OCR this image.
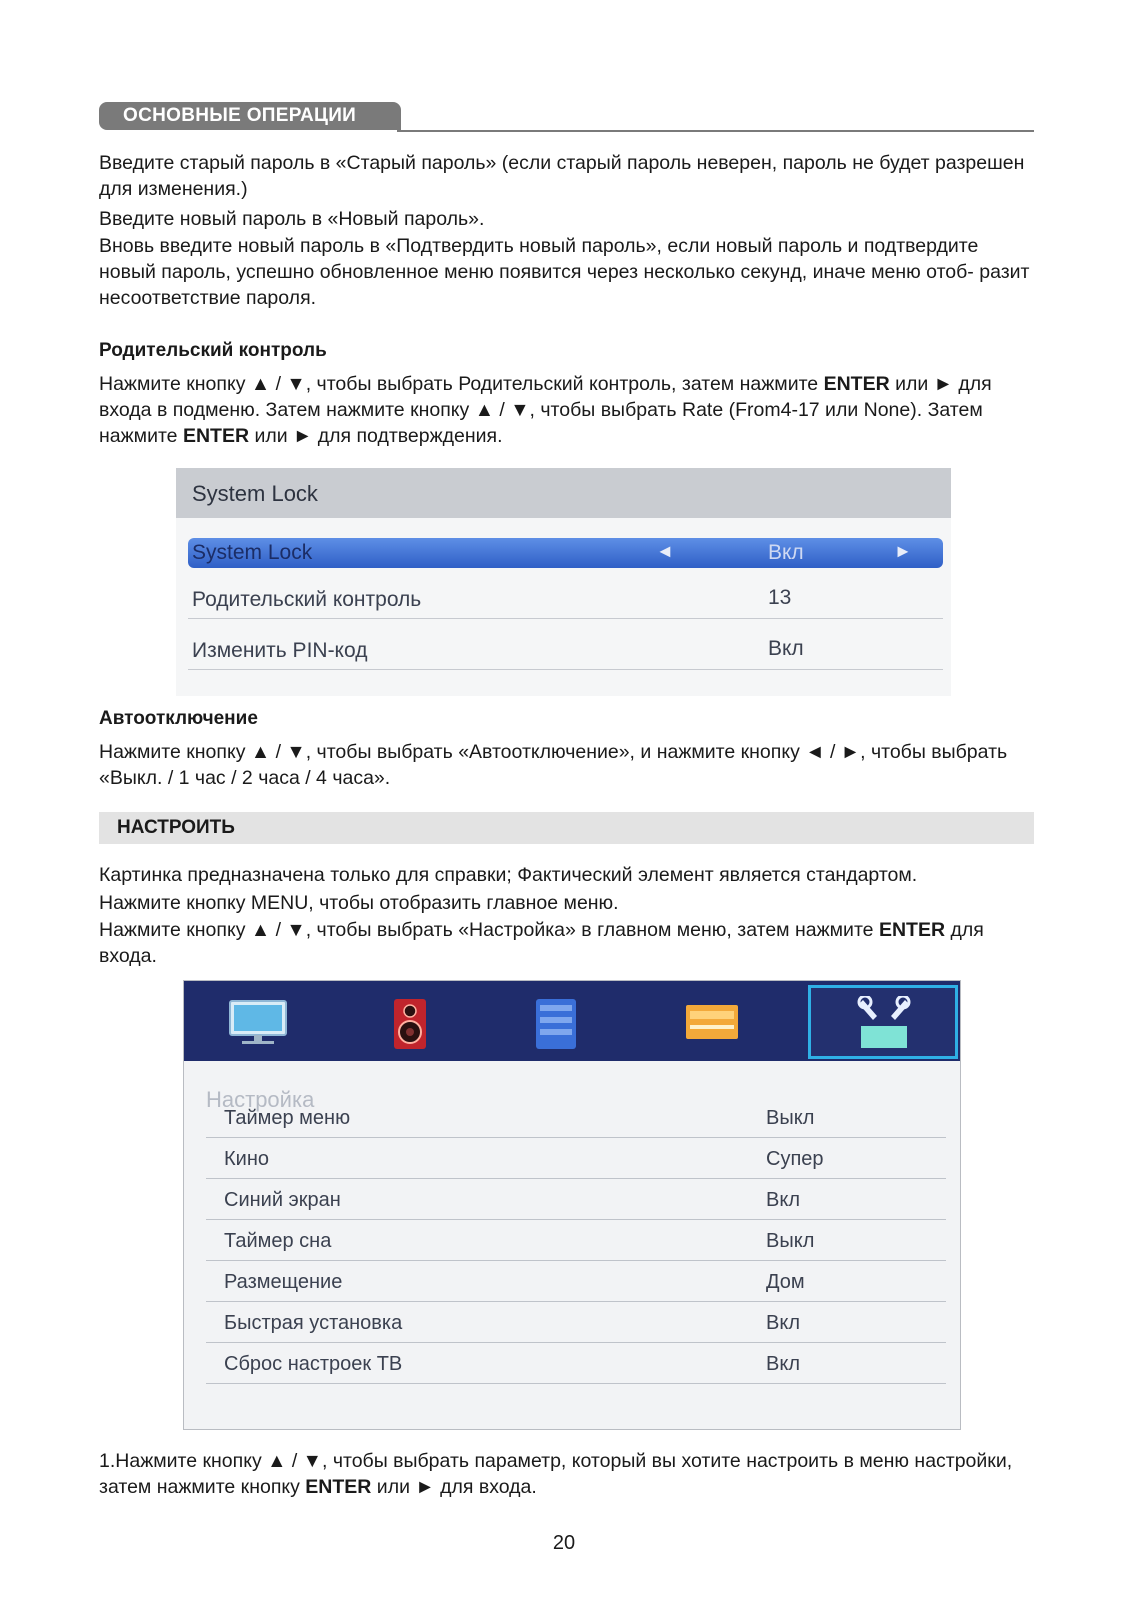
ОСНОВНЫЕ ОПЕРАЦИИ

Введите старый пароль в «Старый пароль» (если старый пароль неверен, пароль не будет разрешен для изменения.)

Введите новый пароль в «Новый пароль».

Вновь введите новый пароль в «Подтвердить новый пароль», если новый пароль и подтвердите новый пароль, успешно обновленное меню появится через несколько секунд, иначе меню отоб- разит несоответствие пароля.

Родительский контроль

Нажмите кнопку ▲ / ▼, чтобы выбрать Родительский контроль, затем нажмите ENTER или ► для входа в подменю. Затем нажмите кнопку ▲ / ▼, чтобы выбрать Rate (From4-17 или None). Затем нажмите ENTER или ► для подтверждения.

System Lock
System Lock	◄	Вкл	►
Родительский контроль	13
Изменить PIN-код	Вкл

Автоотключение

Нажмите кнопку ▲ / ▼, чтобы выбрать «Автоотключение», и нажмите кнопку ◄ / ►, чтобы выбрать «Выкл. / 1 час / 2 часа / 4 часа».

НАСТРОИТЬ

Картинка предназначена только для справки; Фактический элемент является стандартом.

Нажмите кнопку MENU, чтобы отобразить главное меню.

Нажмите кнопку ▲ / ▼, чтобы выбрать «Настройка» в главном меню, затем нажмите ENTER для входа.

Настройка
Таймер меню	Выкл
Кино	Супер
Синий экран	Вкл
Таймер сна	Выкл
Размещение	Дом
Быстрая установка	Вкл
Сброс настроек ТВ	Вкл

1.Нажмите кнопку ▲ / ▼, чтобы выбрать параметр, который вы хотите настроить в меню настройки, затем нажмите кнопку ENTER или ► для входа.

20
